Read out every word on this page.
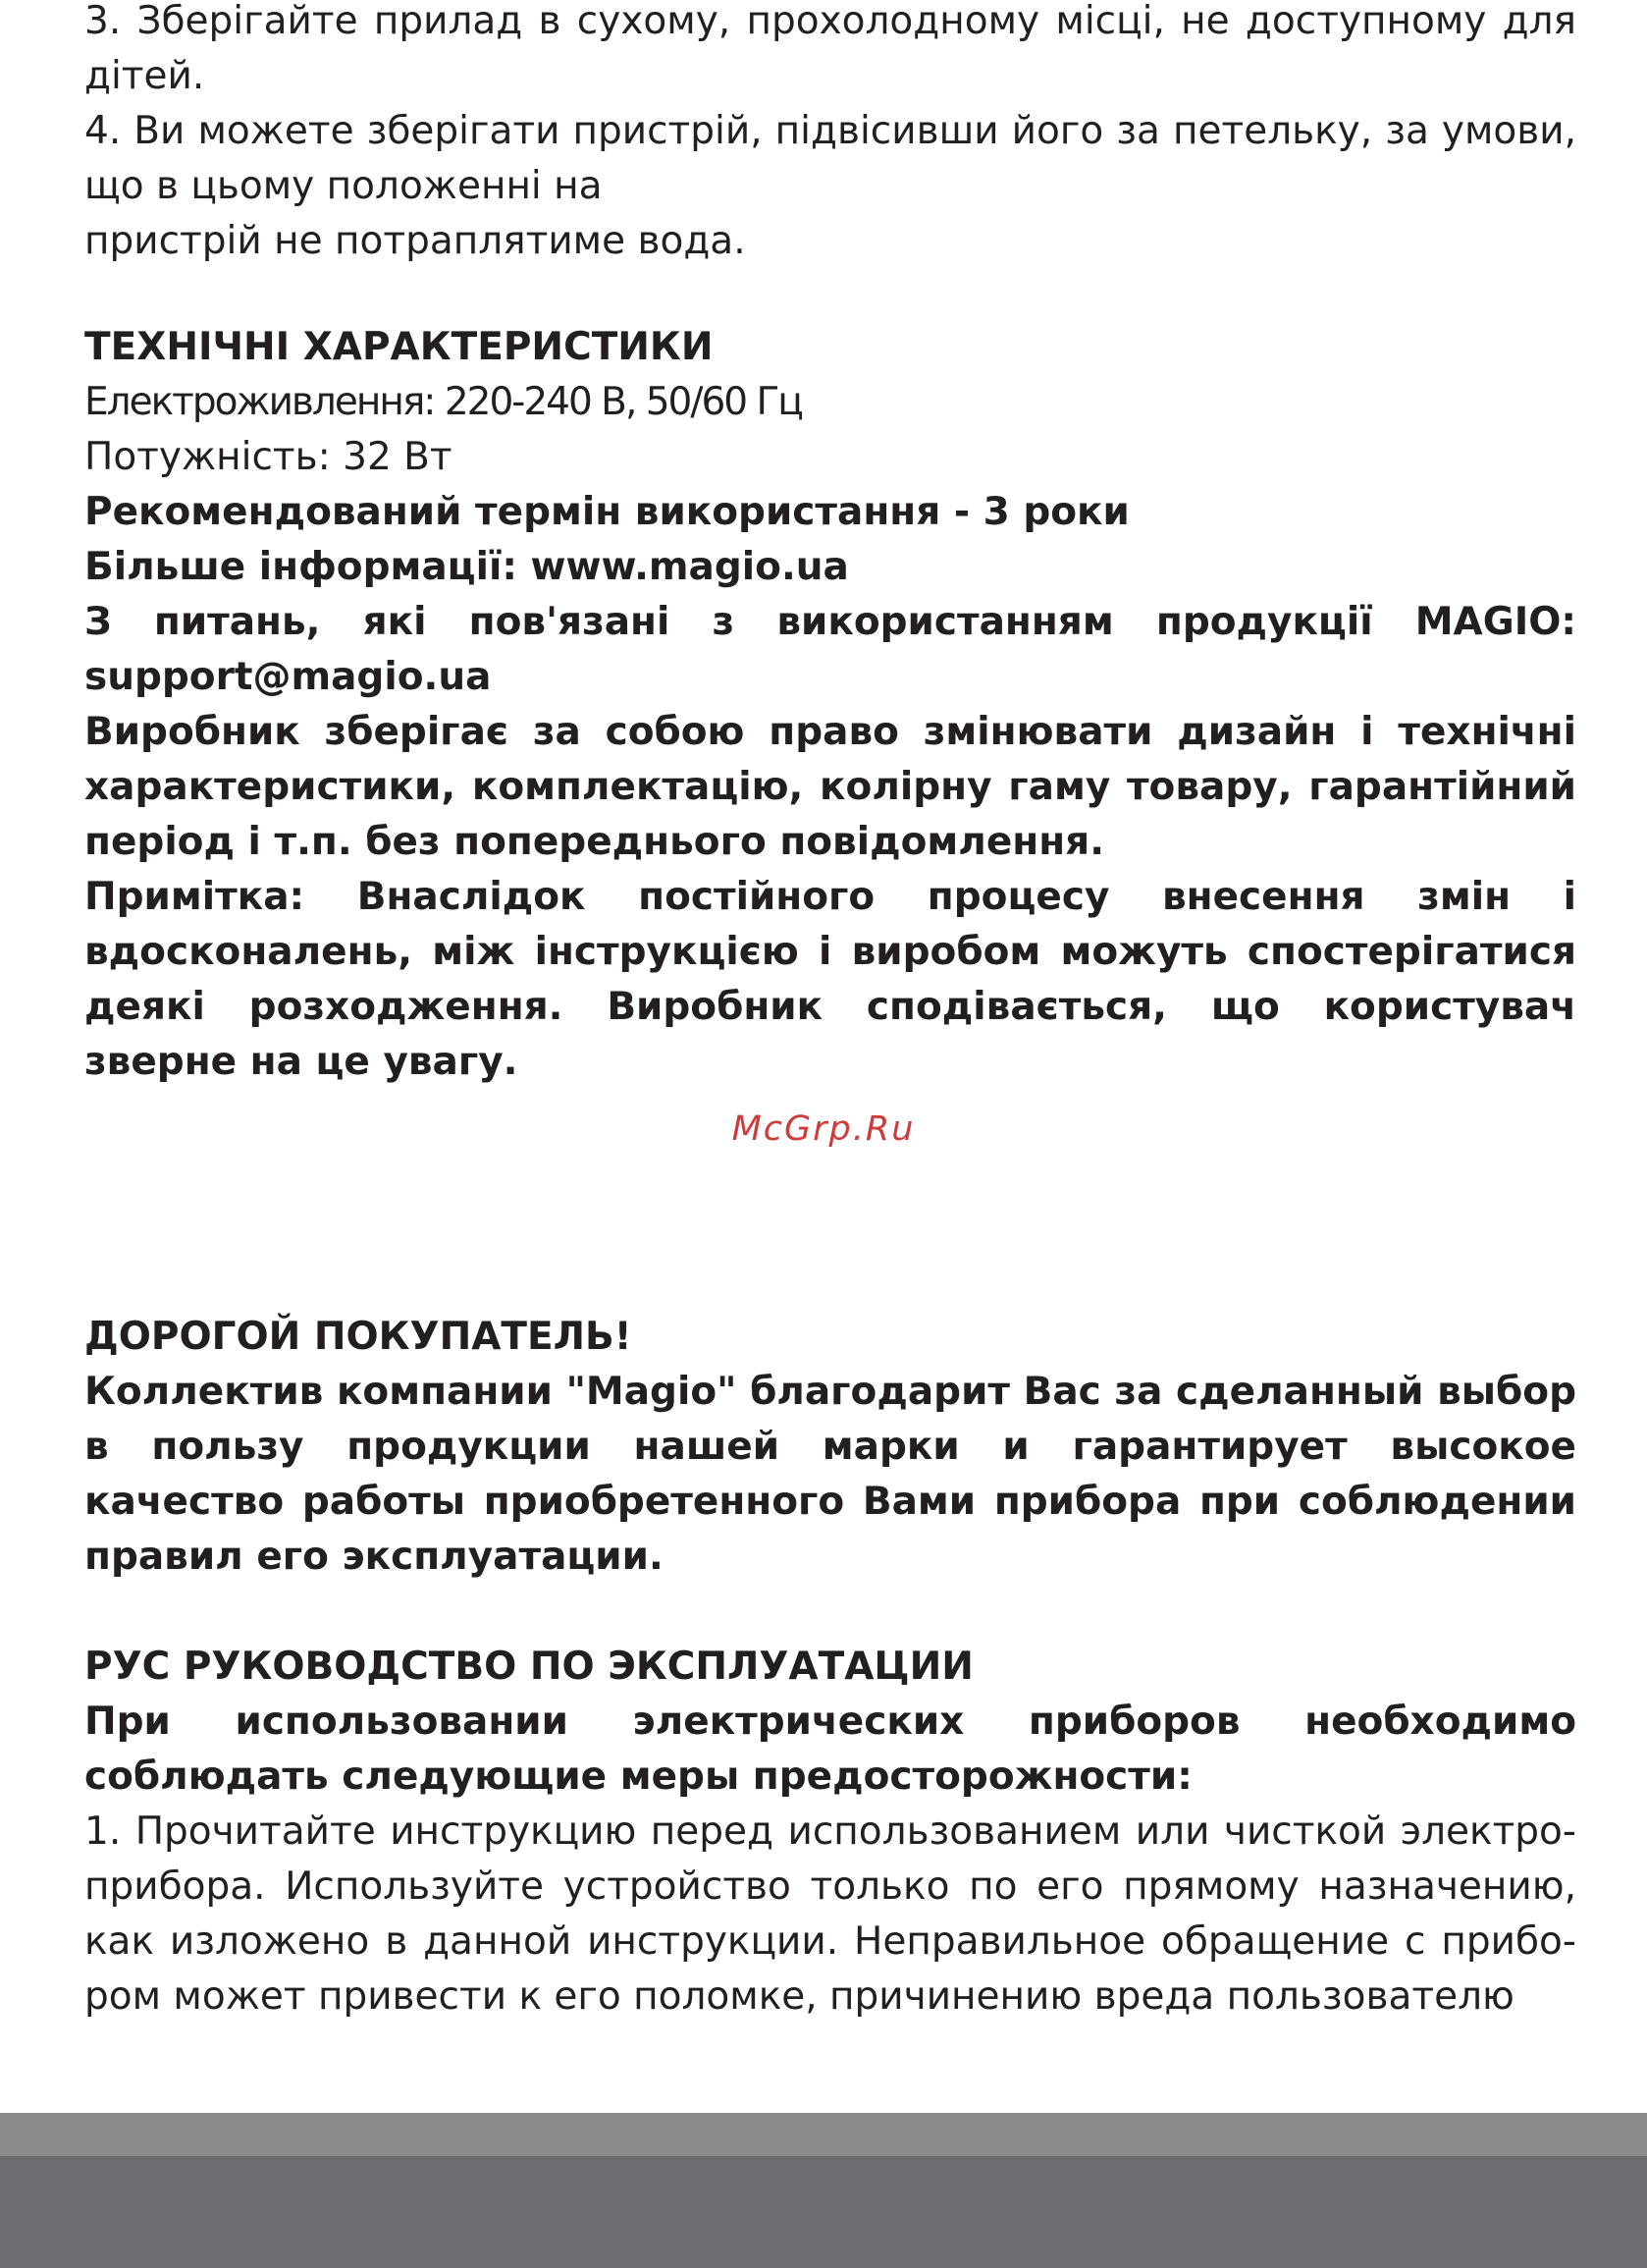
3. Зберігайте прилад в сухому, прохолодному місці, не доступному для дітей.

4. Ви можете зберігати пристрій, підвісивши його за петельку, за умови, що в цьому положенні на

пристрій не потраплятиме вода.

ТЕХНІЧНІ ХАРАКТЕРИСТИКИ

Електроживлення: 220-240 В, 50/60 Гц

Потужність: 32 Вт

Рекомендований термін використання - 3 роки

Більше інформації: www.magio.ua

З питань, які пов'язані з використанням продукції MAGIO: support@magio.ua

Виробник зберігає за собою право змінювати дизайн і технічні характеристики, комплектацію, колірну гаму товару, гарантійний період і т.п. без попереднього повідомлення.

Примітка: Внаслідок постійного процесу внесення змін і вдосконалень, між інструкцією і виробом можуть спостерігатися деякі розходження. Виробник сподівається, що користувач зверне на це увагу.

ДОРОГОЙ ПОКУПАТЕЛЬ!

Коллектив компании "Magio" благодарит Вас за сделанный выбор в пользу продукции нашей марки и гарантирует высокое качество работы приобретенного Вами прибора при соблюдении правил его эксплуатации.

РУС РУКОВОДСТВО ПО ЭКСПЛУАТАЦИИ

При использовании электрических приборов необходимо соблюдать следующие меры предосторожности:

1. Прочитайте инструкцию перед использованием или чисткой электро-прибора. Используйте устройство только по его прямому назначению, как изложено в данной инструкции. Неправильное обращение с прибо-ром может привести к его поломке, причинению вреда пользователю

McGrp.Ru
